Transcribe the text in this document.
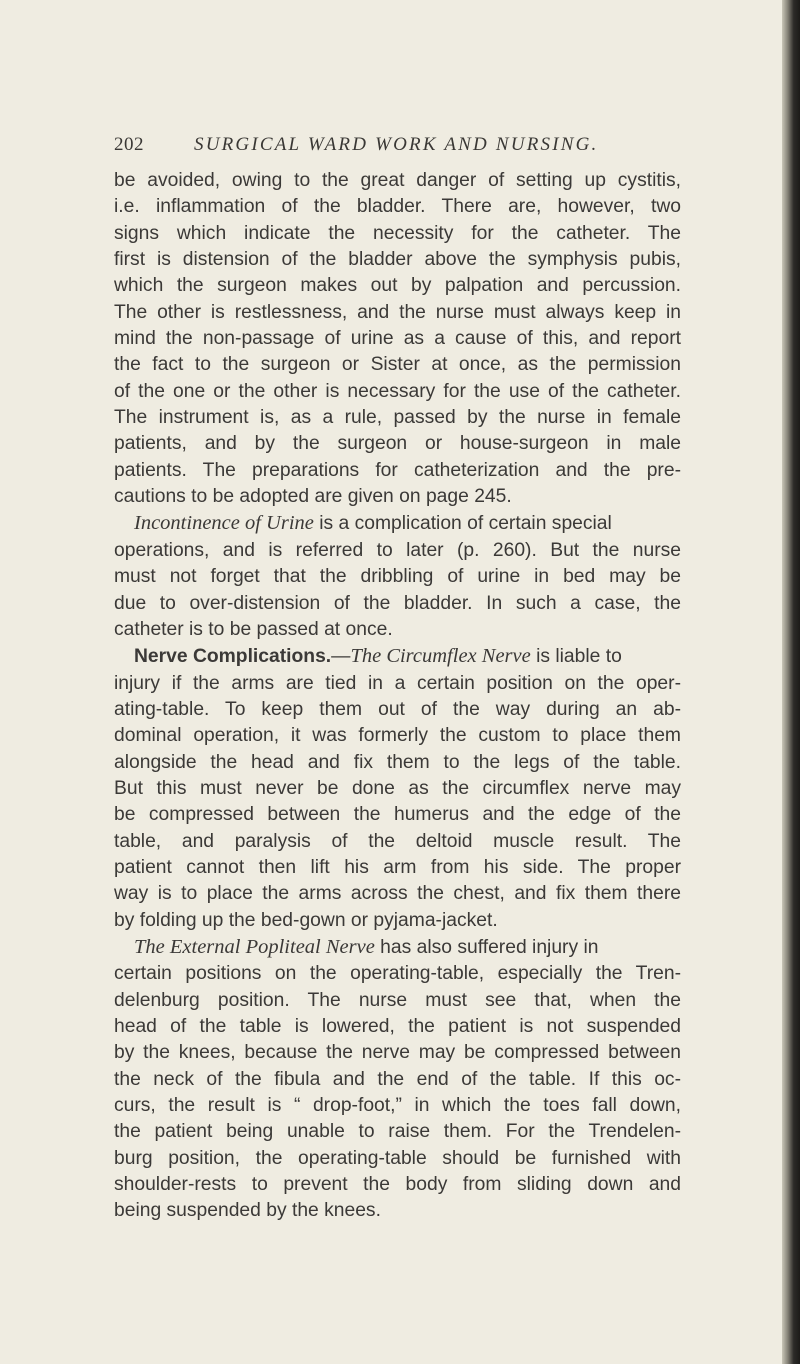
202	SURGICAL WARD WORK AND NURSING.
be avoided, owing to the great danger of setting up cystitis,
i.e. inflammation of the bladder. There are, however, two
signs which indicate the necessity for the catheter. The
first is distension of the bladder above the symphysis pubis,
which the surgeon makes out by palpation and percussion.
The other is restlessness, and the nurse must always keep in
mind the non-passage of urine as a cause of this, and report
the fact to the surgeon or Sister at once, as the permission
of the one or the other is necessary for the use of the catheter.
The instrument is, as a rule, passed by the nurse in female
patients, and by the surgeon or house-surgeon in male
patients. The preparations for catheterization and the pre-
cautions to be adopted are given on page 245.
Incontinence of Urine is a complication of certain special
operations, and is referred to later (p. 260). But the nurse
must not forget that the dribbling of urine in bed may be
due to over-distension of the bladder. In such a case, the
catheter is to be passed at once.
Nerve Complications.—The Circumflex Nerve is liable to
injury if the arms are tied in a certain position on the oper-
ating-table. To keep them out of the way during an ab-
dominal operation, it was formerly the custom to place them
alongside the head and fix them to the legs of the table.
But this must never be done as the circumflex nerve may
be compressed between the humerus and the edge of the
table, and paralysis of the deltoid muscle result. The
patient cannot then lift his arm from his side. The proper
way is to place the arms across the chest, and fix them there
by folding up the bed-gown or pyjama-jacket.
The External Popliteal Nerve has also suffered injury in
certain positions on the operating-table, especially the Tren-
delenburg position. The nurse must see that, when the
head of the table is lowered, the patient is not suspended
by the knees, because the nerve may be compressed between
the neck of the fibula and the end of the table. If this oc-
curs, the result is “ drop-foot,” in which the toes fall down,
the patient being unable to raise them. For the Trendelen-
burg position, the operating-table should be furnished with
shoulder-rests to prevent the body from sliding down and
being suspended by the knees.
